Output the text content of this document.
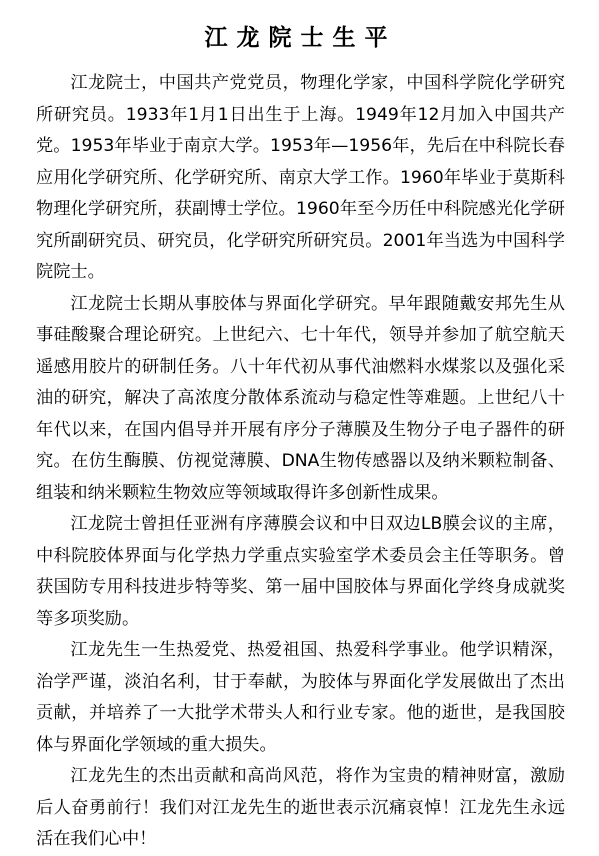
江龙院士生平

江龙院士，中国共产党党员，物理化学家，中国科学院化学研究所研究员。1933年1月1日出生于上海。1949年12月加入中国共产党。1953年毕业于南京大学。1953年—1956年，先后在中科院长春应用化学研究所、化学研究所、南京大学工作。1960年毕业于莫斯科物理化学研究所，获副博士学位。1960年至今历任中科院感光化学研究所副研究员、研究员，化学研究所研究员。2001年当选为中国科学院院士。

江龙院士长期从事胶体与界面化学研究。早年跟随戴安邦先生从事硅酸聚合理论研究。上世纪六、七十年代，领导并参加了航空航天遥感用胶片的研制任务。八十年代初从事代油燃料水煤浆以及强化采油的研究，解决了高浓度分散体系流动与稳定性等难题。上世纪八十年代以来，在国内倡导并开展有序分子薄膜及生物分子电子器件的研究。在仿生酶膜、仿视觉薄膜、DNA生物传感器以及纳米颗粒制备、组装和纳米颗粒生物效应等领域取得许多创新性成果。

江龙院士曾担任亚洲有序薄膜会议和中日双边LB膜会议的主席，中科院胶体界面与化学热力学重点实验室学术委员会主任等职务。曾获国防专用科技进步特等奖、第一届中国胶体与界面化学终身成就奖等多项奖励。

江龙先生一生热爱党、热爱祖国、热爱科学事业。他学识精深，治学严谨，淡泊名利，甘于奉献，为胶体与界面化学发展做出了杰出贡献，并培养了一大批学术带头人和行业专家。他的逝世，是我国胶体与界面化学领域的重大损失。

江龙先生的杰出贡献和高尚风范，将作为宝贵的精神财富，激励后人奋勇前行！我们对江龙先生的逝世表示沉痛哀悼！江龙先生永远活在我们心中！
